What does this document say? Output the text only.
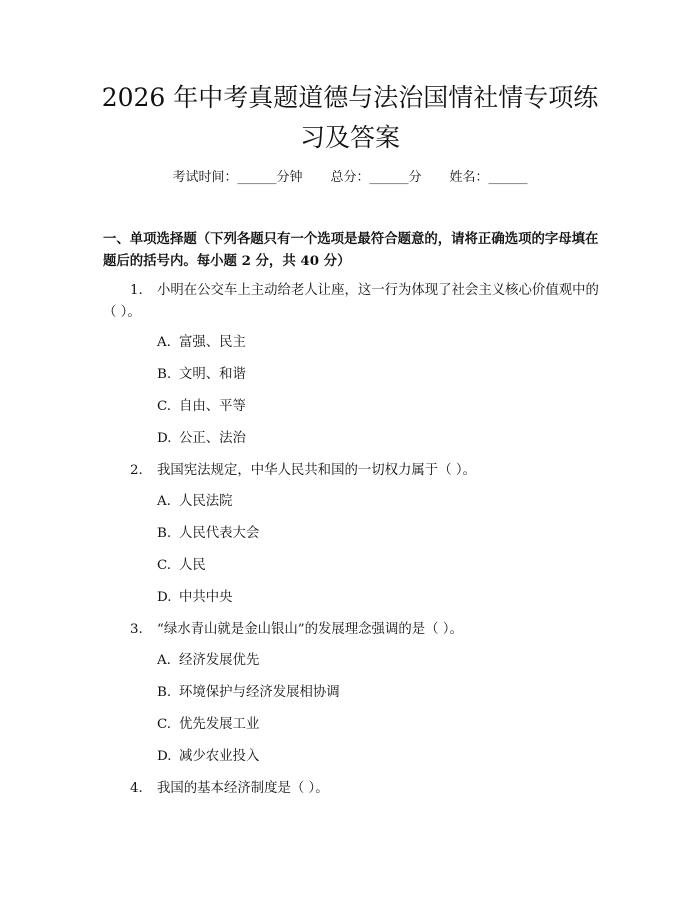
2026 年中考真题道德与法治国情社情专项练习及答案
考试时间：______分钟 总分：______分 姓名：______

一、单项选择题（下列各题只有一个选项是最符合题意的，请将正确选项的字母填在题后的括号内。每小题 2 分，共 40 分）

1. 小明在公交车上主动给老人让座，这一行为体现了社会主义核心价值观中的（ ）。

A. 富强、民主
B. 文明、和谐
C. 自由、平等
D. 公正、法治

2. 我国宪法规定，中华人民共和国的一切权力属于（ ）。

A. 人民法院
B. 人民代表大会
C. 人民
D. 中共中央

3. “绿水青山就是金山银山”的发展理念强调的是（ ）。

A. 经济发展优先
B. 环境保护与经济发展相协调
C. 优先发展工业
D. 减少农业投入

4. 我国的基本经济制度是（ ）。
